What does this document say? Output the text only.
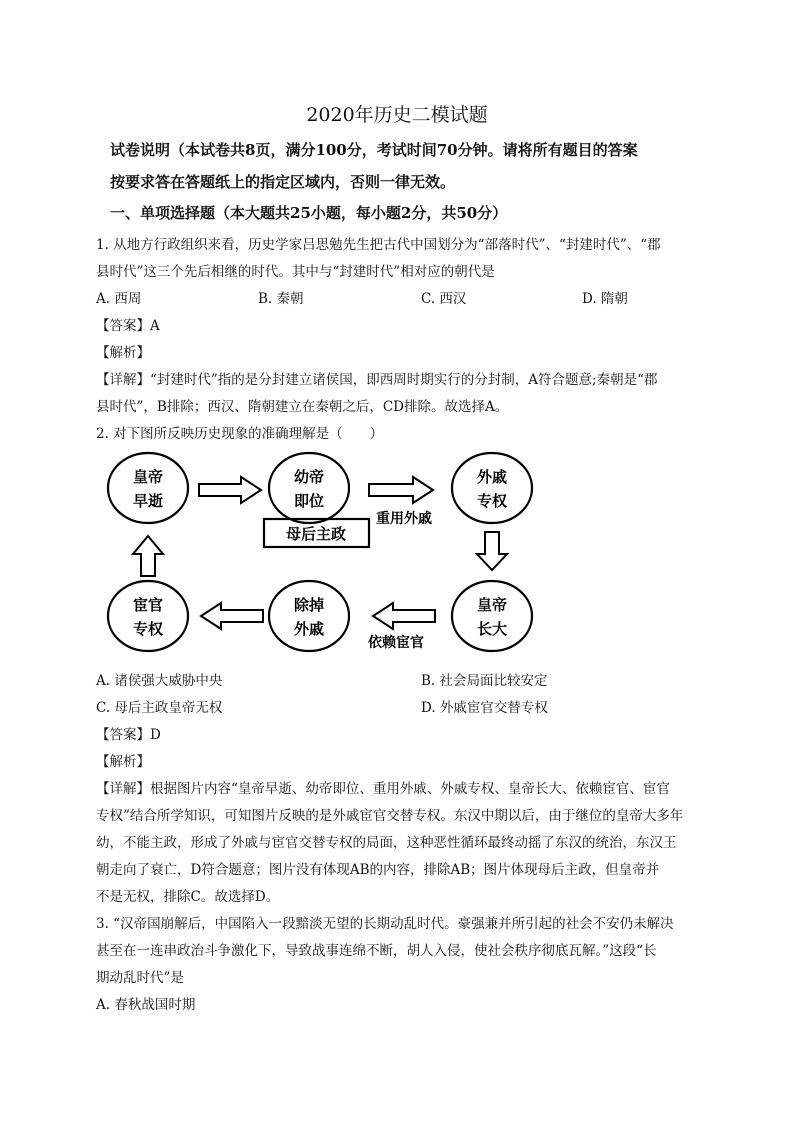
2020年历史二模试题
试卷说明（本试卷共8页，满分100分，考试时间70分钟。请将所有题目的答案
按要求答在答题纸上的指定区域内，否则一律无效。
一、单项选择题（本大题共25小题，每小题2分，共50分）
1. 从地方行政组织来看，历史学家吕思勉先生把古代中国划分为“部落时代”、“封建时代”、“郡
县时代”这三个先后相继的时代。其中与“封建时代”相对应的朝代是
A. 西周	B. 秦朝	C. 西汉	D. 隋朝
【答案】A
【解析】
【详解】“封建时代”指的是分封建立诸侯国，即西周时期实行的分封制，A符合题意;秦朝是“郡
县时代”，B排除；西汉、隋朝建立在秦朝之后，CD排除。故选择A。
2. 对下图所反映历史现象的准确理解是（　　）
皇帝
早逝
幼帝
即位
外戚
专权
皇帝
长大
除掉
外戚
宦官
专权
母后主政
重用外戚
依赖宦官
A. 诸侯强大威胁中央	B. 社会局面比较安定
C. 母后主政皇帝无权	D. 外戚宦官交替专权
【答案】D
【解析】
【详解】根据图片内容“皇帝早逝、幼帝即位、重用外戚、外戚专权、皇帝长大、依赖宦官、宦官
专权”结合所学知识，可知图片反映的是外戚宦官交替专权。东汉中期以后，由于继位的皇帝大多年
幼，不能主政，形成了外戚与宦官交替专权的局面，这种恶性循环最终动摇了东汉的统治，东汉王
朝走向了衰亡，D符合题意；图片没有体现AB的内容，排除AB；图片体现母后主政，但皇帝并
不是无权，排除C。故选择D。
3. “汉帝国崩解后，中国陷入一段黯淡无望的长期动乱时代。豪强兼并所引起的社会不安仍未解决
甚至在一连串政治斗争激化下，导致战事连绵不断，胡人入侵，使社会秩序彻底瓦解。”这段“长
期动乱时代”是
A. 春秋战国时期
